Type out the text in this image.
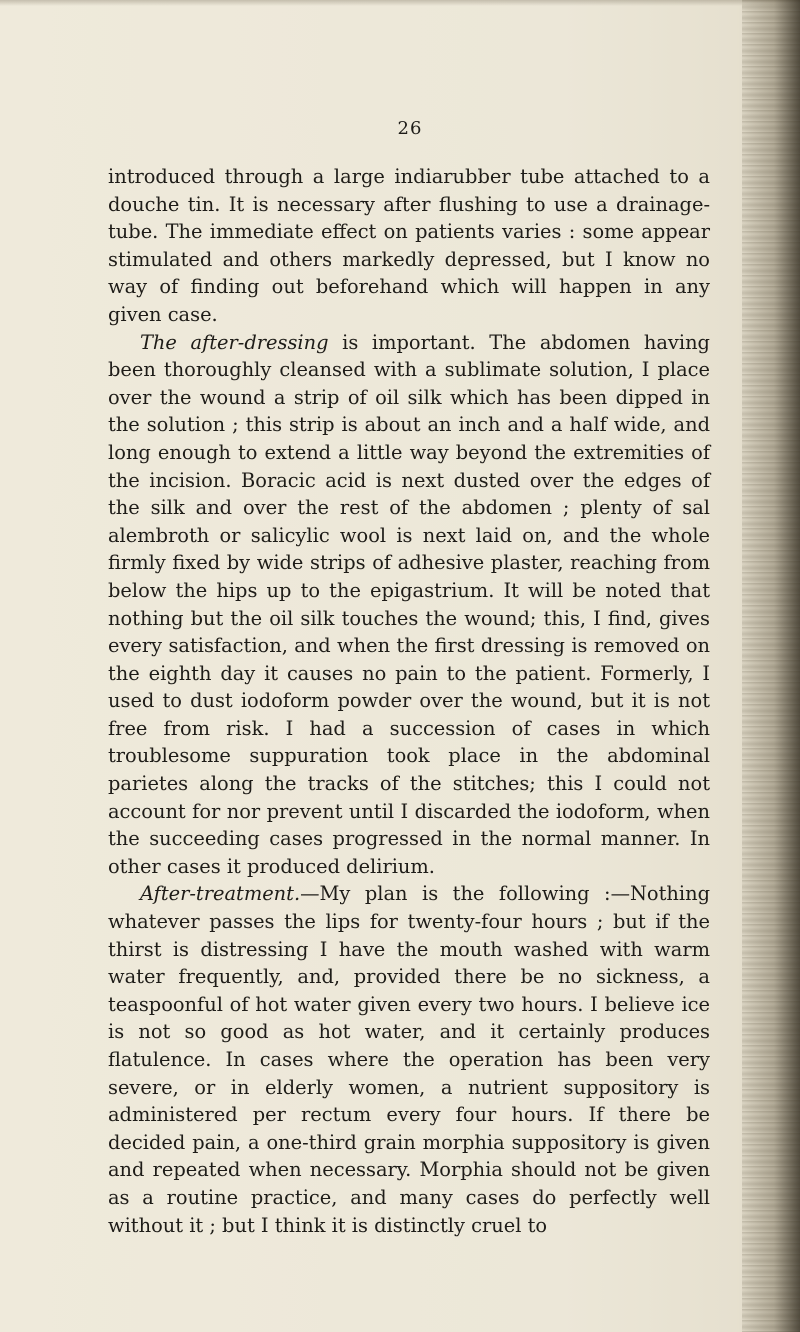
26

introduced through a large indiarubber tube attached to a douche tin. It is necessary after flushing to use a drainage-tube. The immediate effect on patients varies : some appear stimulated and others markedly depressed, but I know no way of finding out beforehand which will happen in any given case.

The after-dressing is important. The abdomen having been thoroughly cleansed with a sublimate solution, I place over the wound a strip of oil silk which has been dipped in the solution ; this strip is about an inch and a half wide, and long enough to extend a little way beyond the extremities of the incision. Boracic acid is next dusted over the edges of the silk and over the rest of the abdomen ; plenty of sal alembroth or salicylic wool is next laid on, and the whole firmly fixed by wide strips of adhesive plaster, reaching from below the hips up to the epigastrium. It will be noted that nothing but the oil silk touches the wound; this, I find, gives every satisfaction, and when the first dressing is removed on the eighth day it causes no pain to the patient. Formerly, I used to dust iodoform powder over the wound, but it is not free from risk. I had a succession of cases in which troublesome suppuration took place in the abdominal parietes along the tracks of the stitches; this I could not account for nor prevent until I discarded the iodoform, when the succeeding cases progressed in the normal manner. In other cases it produced delirium.

After-treatment.—My plan is the following :—Nothing whatever passes the lips for twenty-four hours ; but if the thirst is distressing I have the mouth washed with warm water frequently, and, provided there be no sickness, a teaspoonful of hot water given every two hours. I believe ice is not so good as hot water, and it certainly produces flatulence. In cases where the operation has been very severe, or in elderly women, a nutrient suppository is administered per rectum every four hours. If there be decided pain, a one-third grain morphia suppository is given and repeated when necessary. Morphia should not be given as a routine practice, and many cases do perfectly well without it ; but I think it is distinctly cruel to
